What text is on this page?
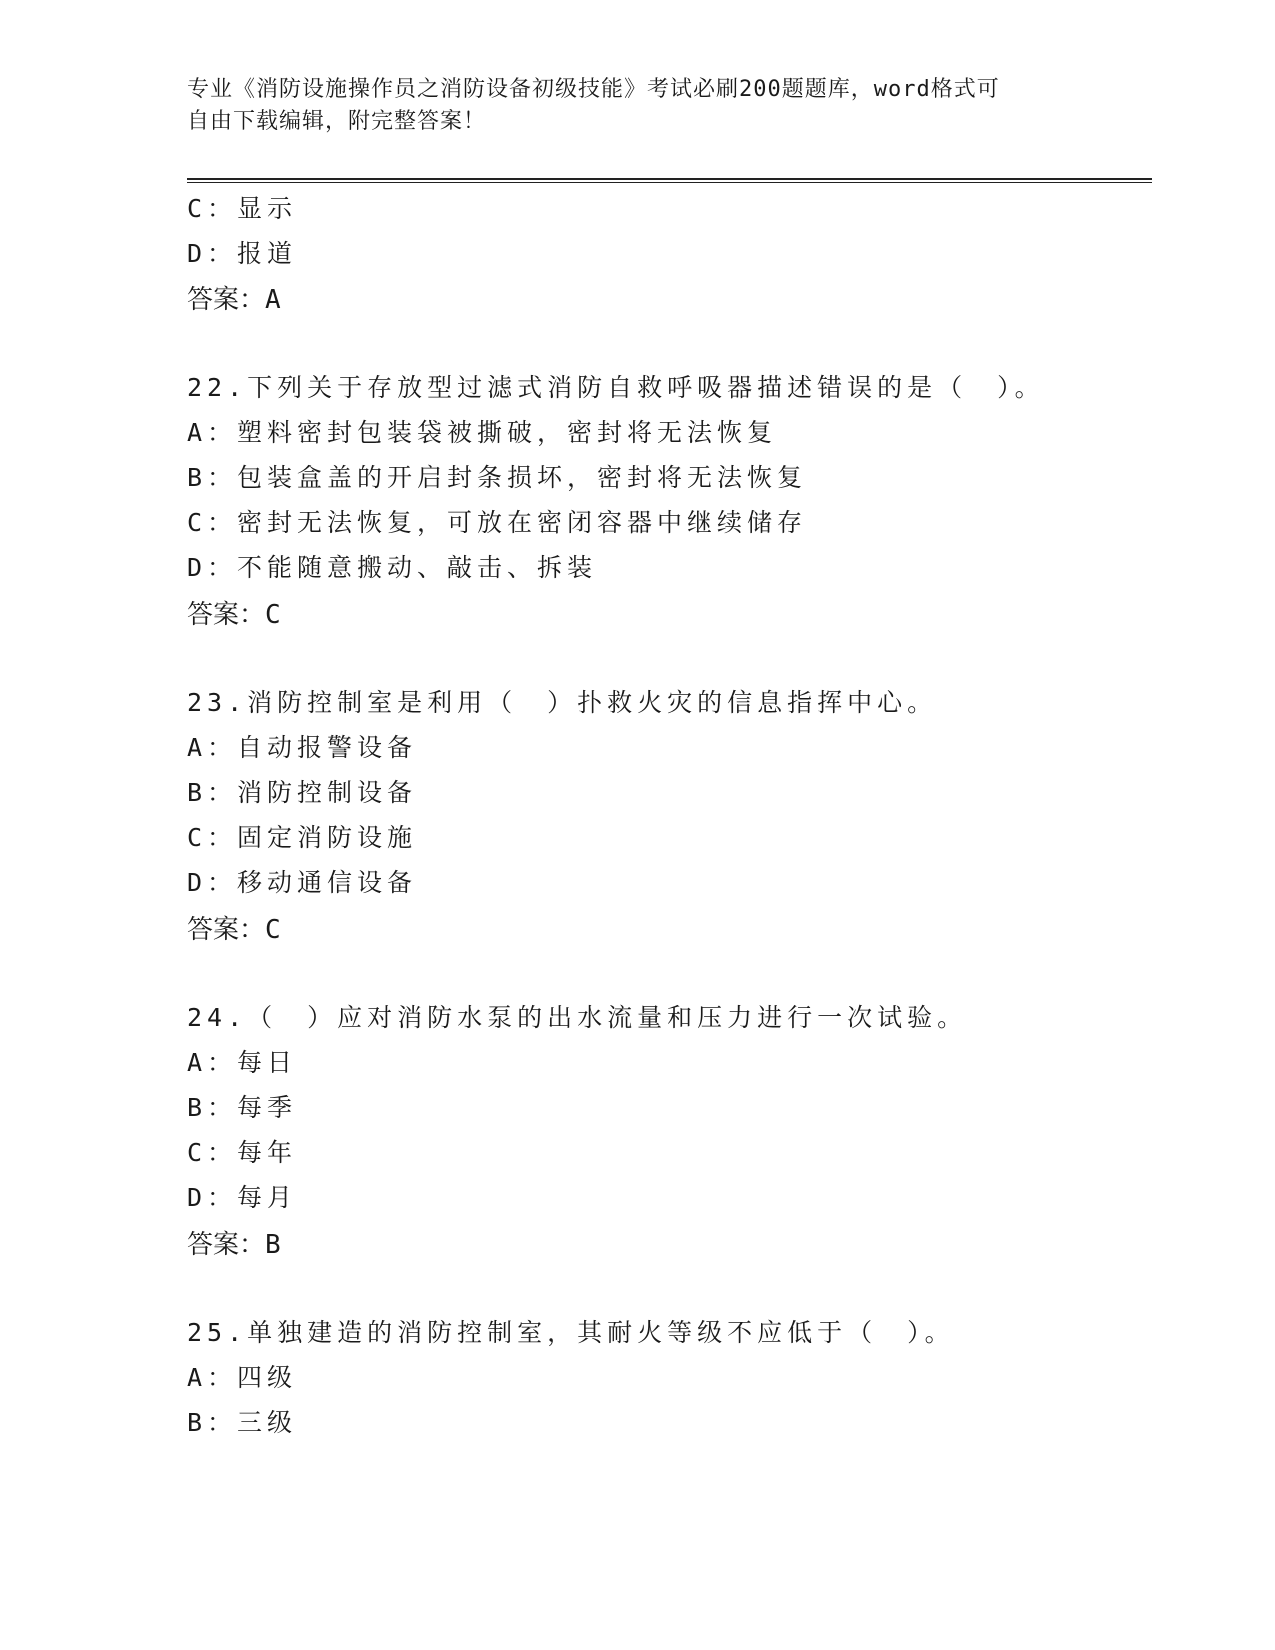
专业《消防设施操作员之消防设备初级技能》考试必刷200题题库，word格式可
自由下载编辑，附完整答案！
C：显示
D：报道
答案：A
22.下列关于存放型过滤式消防自救呼吸器描述错误的是（　）。
A：塑料密封包装袋被撕破，密封将无法恢复
B：包装盒盖的开启封条损坏，密封将无法恢复
C：密封无法恢复，可放在密闭容器中继续储存
D：不能随意搬动、敲击、拆装
答案：C
23.消防控制室是利用（　）扑救火灾的信息指挥中心。
A：自动报警设备
B：消防控制设备
C：固定消防设施
D：移动通信设备
答案：C
24.（　）应对消防水泵的出水流量和压力进行一次试验。
A：每日
B：每季
C：每年
D：每月
答案：B
25.单独建造的消防控制室，其耐火等级不应低于（　）。
A：四级
B：三级
